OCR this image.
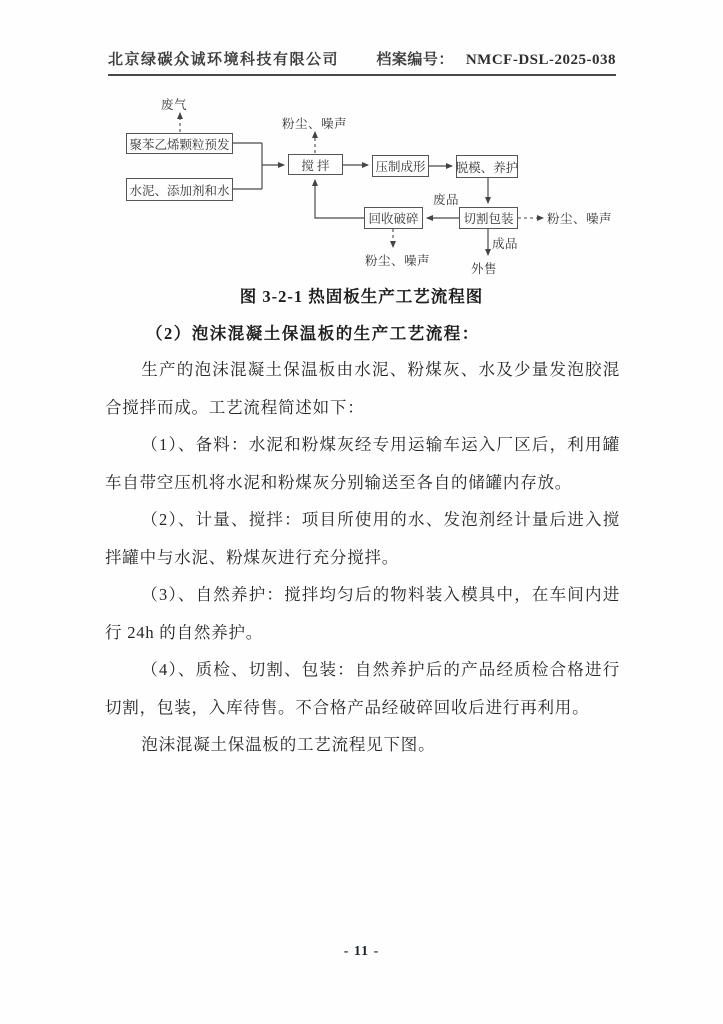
北京绿碳众诚环境科技有限公司 档案编号： NMCF-DSL-2025-038
聚苯乙烯颗粒预发
水泥、添加剂和水
搅 拌	压制成形 脱模、养护
切割包装
回收破碎
废气
粉尘、噪声
废品
粉尘、噪声
成品
外售
粉尘、噪声
图 3-2-1 热固板生产工艺流程图
（2）泡沫混凝土保温板的生产工艺流程：

生产的泡沫混凝土保温板由水泥、粉煤灰、水及少量发泡胶混合搅拌而成。工艺流程简述如下：

（1）、备料：水泥和粉煤灰经专用运输车运入厂区后，利用罐车自带空压机将水泥和粉煤灰分别输送至各自的储罐内存放。

（2）、计量、搅拌：项目所使用的水、发泡剂经计量后进入搅拌罐中与水泥、粉煤灰进行充分搅拌。

（3）、自然养护：搅拌均匀后的物料装入模具中，在车间内进行 24h 的自然养护。

（4）、质检、切割、包装：自然养护后的产品经质检合格进行切割，包装，入库待售。不合格产品经破碎回收后进行再利用。

泡沫混凝土保温板的工艺流程见下图。

- 11 -
